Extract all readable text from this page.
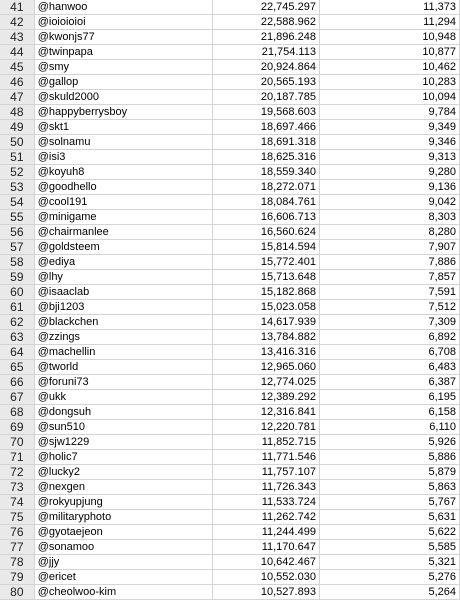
41	@hanwoo	22,745.297	11,373
42	@ioioioioi	22,588.962	11,294
43	@kwonjs77	21,896.248	10,948
44	@twinpapa	21,754.113	10,877
45	@smy	20,924.864	10,462
46	@gallop	20,565.193	10,283
47	@skuld2000	20,187.785	10,094
48	@happyberrysboy	19,568.603	9,784
49	@skt1	18,697.466	9,349
50	@solnamu	18,691.318	9,346
51	@isi3	18,625.316	9,313
52	@koyuh8	18,559.340	9,280
53	@goodhello	18,272.071	9,136
54	@cool191	18,084.761	9,042
55	@minigame	16,606.713	8,303
56	@chairmanlee	16,560.624	8,280
57	@goldsteem	15,814.594	7,907
58	@ediya	15,772.401	7,886
59	@lhy	15,713.648	7,857
60	@isaaclab	15,182.868	7,591
61	@bji1203	15,023.058	7,512
62	@blackchen	14,617.939	7,309
63	@zzings	13,784.882	6,892
64	@machellin	13,416.316	6,708
65	@tworld	12,965.060	6,483
66	@foruni73	12,774.025	6,387
67	@ukk	12,389.292	6,195
68	@dongsuh	12,316.841	6,158
69	@sun510	12,220.781	6,110
70	@sjw1229	11,852.715	5,926
71	@holic7	11,771.546	5,886
72	@lucky2	11,757.107	5,879
73	@nexgen	11,726.343	5,863
74	@rokyupjung	11,533.724	5,767
75	@militaryphoto	11,262.742	5,631
76	@gyotaejeon	11,244.499	5,622
77	@sonamoo	11,170.647	5,585
78	@jjy	10,642.467	5,321
79	@ericet	10,552.030	5,276
80	@cheolwoo-kim	10,527.893	5,264
